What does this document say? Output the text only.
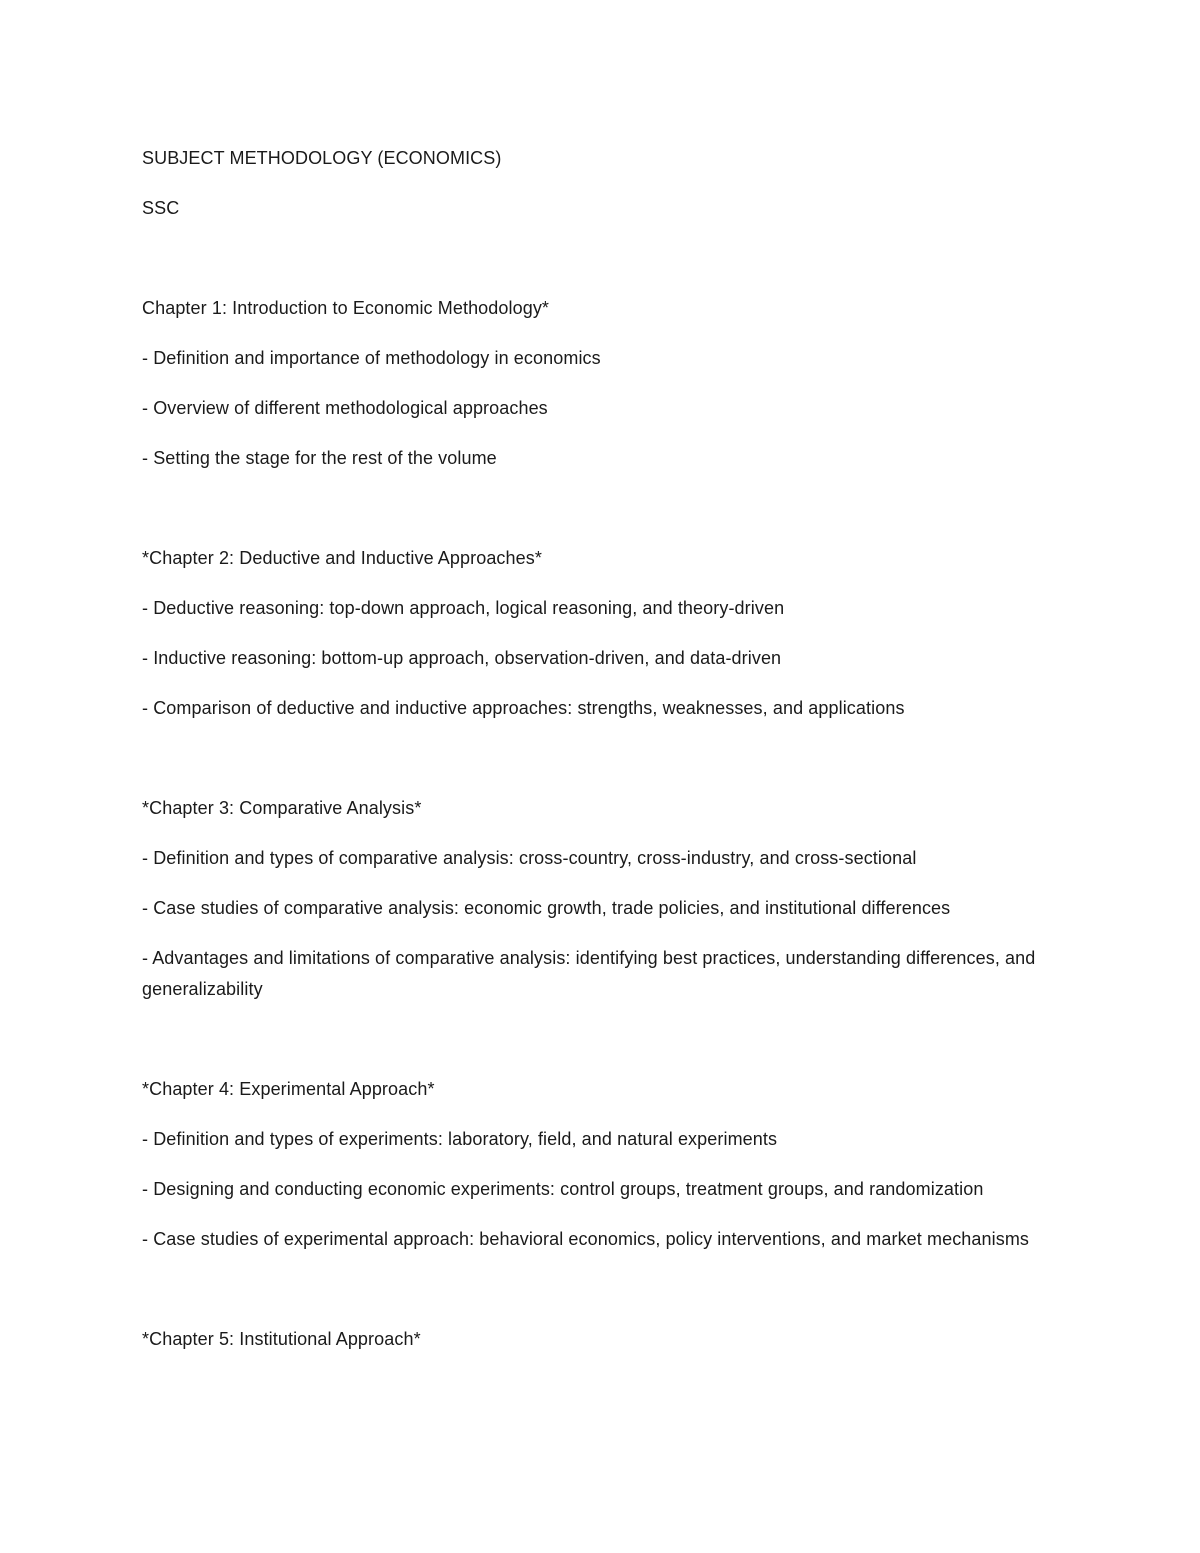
SUBJECT METHODOLOGY (ECONOMICS)

SSC

Chapter 1: Introduction to Economic Methodology*

- Definition and importance of methodology in economics

- Overview of different methodological approaches

- Setting the stage for the rest of the volume

*Chapter 2: Deductive and Inductive Approaches*

- Deductive reasoning: top-down approach, logical reasoning, and theory-driven

- Inductive reasoning: bottom-up approach, observation-driven, and data-driven

- Comparison of deductive and inductive approaches: strengths, weaknesses, and applications

*Chapter 3: Comparative Analysis*

- Definition and types of comparative analysis: cross-country, cross-industry, and cross-sectional

- Case studies of comparative analysis: economic growth, trade policies, and institutional differences

- Advantages and limitations of comparative analysis: identifying best practices, understanding differences, and generalizability

*Chapter 4: Experimental Approach*

- Definition and types of experiments: laboratory, field, and natural experiments

- Designing and conducting economic experiments: control groups, treatment groups, and randomization

- Case studies of experimental approach: behavioral economics, policy interventions, and market mechanisms

*Chapter 5: Institutional Approach*
